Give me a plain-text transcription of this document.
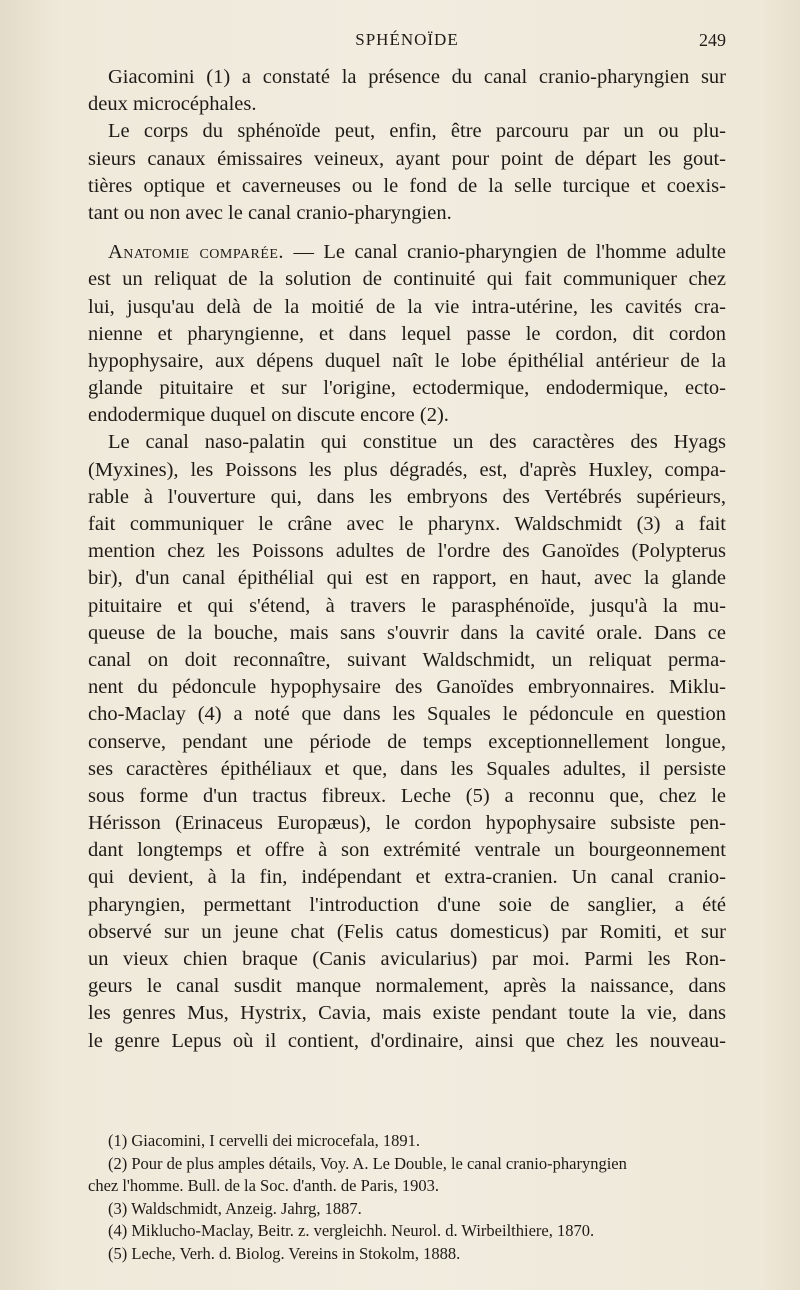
SPHÉNOÏDE	249
Giacomini (1) a constaté la présence du canal cranio-pharyngien sur
deux microcéphales.
Le corps du sphénoïde peut, enfin, être parcouru par un ou plu-
sieurs canaux émissaires veineux, ayant pour point de départ les gout-
tières optique et caverneuses ou le fond de la selle turcique et coexis-
tant ou non avec le canal cranio-pharyngien.
Anatomie comparée. — Le canal cranio-pharyngien de l'homme adulte
est un reliquat de la solution de continuité qui fait communiquer chez
lui, jusqu'au delà de la moitié de la vie intra-utérine, les cavités cra-
nienne et pharyngienne, et dans lequel passe le cordon, dit cordon
hypophysaire, aux dépens duquel naît le lobe épithélial antérieur de la
glande pituitaire et sur l'origine, ectodermique, endodermique, ecto-
endodermique duquel on discute encore (2).
Le canal naso-palatin qui constitue un des caractères des Hyags
(Myxines), les Poissons les plus dégradés, est, d'après Huxley, compa-
rable à l'ouverture qui, dans les embryons des Vertébrés supérieurs,
fait communiquer le crâne avec le pharynx. Waldschmidt (3) a fait
mention chez les Poissons adultes de l'ordre des Ganoïdes (Polypterus
bir), d'un canal épithélial qui est en rapport, en haut, avec la glande
pituitaire et qui s'étend, à travers le parasphénoïde, jusqu'à la mu-
queuse de la bouche, mais sans s'ouvrir dans la cavité orale. Dans ce
canal on doit reconnaître, suivant Waldschmidt, un reliquat perma-
nent du pédoncule hypophysaire des Ganoïdes embryonnaires. Miklu-
cho-Maclay (4) a noté que dans les Squales le pédoncule en question
conserve, pendant une période de temps exceptionnellement longue,
ses caractères épithéliaux et que, dans les Squales adultes, il persiste
sous forme d'un tractus fibreux. Leche (5) a reconnu que, chez le
Hérisson (Erinaceus Europæus), le cordon hypophysaire subsiste pen-
dant longtemps et offre à son extrémité ventrale un bourgeonnement
qui devient, à la fin, indépendant et extra-cranien. Un canal cranio-
pharyngien, permettant l'introduction d'une soie de sanglier, a été
observé sur un jeune chat (Felis catus domesticus) par Romiti, et sur
un vieux chien braque (Canis avicularius) par moi. Parmi les Ron-
geurs le canal susdit manque normalement, après la naissance, dans
les genres Mus, Hystrix, Cavia, mais existe pendant toute la vie, dans
le genre Lepus où il contient, d'ordinaire, ainsi que chez les nouveau-
(1) Giacomini, I cervelli dei microcefala, 1891.
(2) Pour de plus amples détails, Voy. A. Le Double, le canal cranio-pharyngien
chez l'homme. Bull. de la Soc. d'anth. de Paris, 1903.
(3) Waldschmidt, Anzeig. Jahrg, 1887.
(4) Miklucho-Maclay, Beitr. z. vergleichh. Neurol. d. Wirbeilthiere, 1870.
(5) Leche, Verh. d. Biolog. Vereins in Stokolm, 1888.
